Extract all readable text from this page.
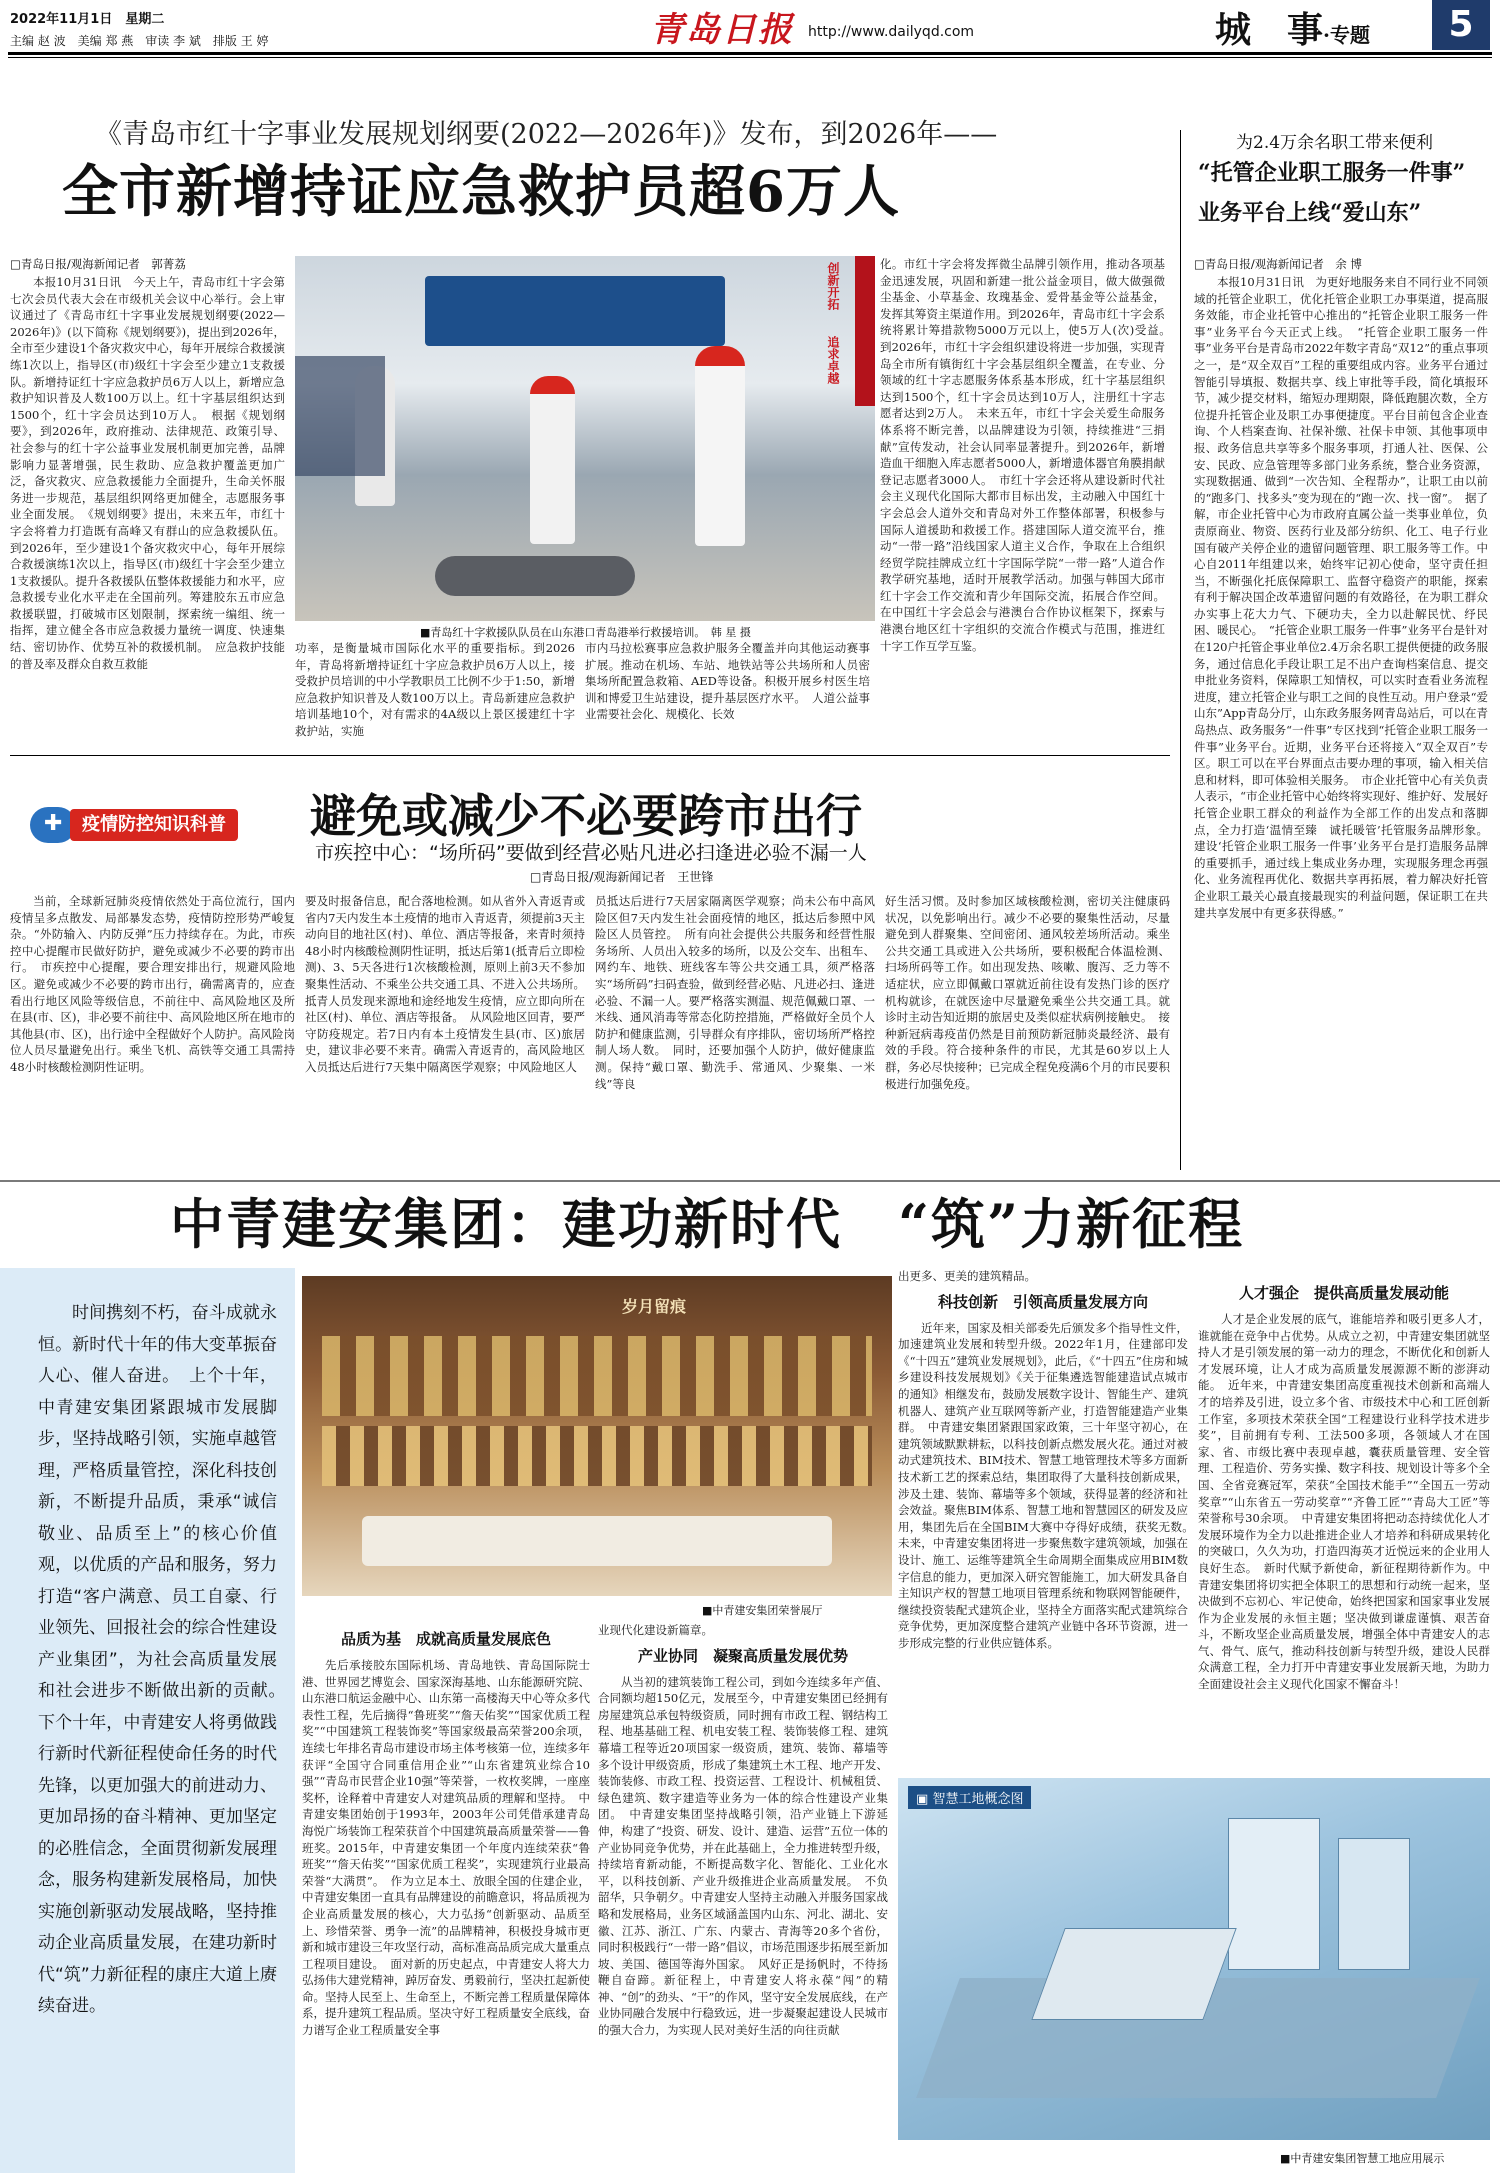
2022年11月1日　星期二
主编 赵 波　美编 郑 燕　审读 李 斌　排版 王 婷	青岛日报 http://www.dailyqd.com	城　事·专题	5
《青岛市红十字事业发展规划纲要(2022—2026年)》发布，到2026年——
全市新增持证应急救护员超6万人

□青岛日报/观海新闻记者　郭菁荔

本报10月31日讯　今天上午，青岛市红十字会第七次会员代表大会在市级机关会议中心举行。会上审议通过了《青岛市红十字事业发展规划纲要(2022—2026年)》(以下简称《规划纲要》)，提出到2026年，全市至少建设1个备灾救灾中心，每年开展综合救援演练1次以上，指导区(市)级红十字会至少建立1支救援队。新增持证红十字应急救护员6万人以上，新增应急救护知识普及人数100万以上。红十字基层组织达到1500个，红十字会员达到10万人。　根据《规划纲要》，到2026年，政府推动、法律规范、政策引导、社会参与的红十字公益事业发展机制更加完善，品牌影响力显著增强，民生救助、应急救护覆盖更加广泛，备灾救灾、应急救援能力全面提升，生命关怀服务进一步规范，基层组织网络更加健全，志愿服务事业全面发展。　《规划纲要》提出，未来五年，市红十字会将着力打造既有高峰又有群山的应急救援队伍。到2026年，至少建设1个备灾救灾中心，每年开展综合救援演练1次以上，指导区(市)级红十字会至少建立1支救援队。提升各救援队伍整体救援能力和水平，应急救援专业化水平走在全国前列。筹建胶东五市应急救援联盟，打破城市区划限制，探索统一编组、统一指挥，建立健全各市应急救援力量统一调度、快速集结、密切协作、优势互补的救援机制。　应急救护技能的普及率及群众自救互救能

创新开拓
追求卓越
■青岛红十字救援队队员在山东港口青岛港举行救援培训。　韩 星 摄

功率，是衡量城市国际化水平的重要指标。到2026年，青岛将新增持证红十字应急救护员6万人以上，接受救护员培训的中小学教职员工比例不少于1:50，新增应急救护知识普及人数100万以上。青岛新建应急救护培训基地10个，对有需求的4A级以上景区援建红十字救护站，实施

市内马拉松赛事应急救护服务全覆盖并向其他运动赛事扩展。推动在机场、车站、地铁站等公共场所和人员密集场所配置急救箱、AED等设备。积极开展乡村医生培训和博爱卫生站建设，提升基层医疗水平。　人道公益事业需要社会化、规模化、长效

化。市红十字会将发挥微尘品牌引领作用，推动各项基金迅速发展，巩固和新建一批公益金项目，做大做强微尘基金、小草基金、玫瑰基金、爱骨基金等公益基金，发挥其筹资主渠道作用。到2026年，青岛市红十字会系统将累计筹措款物5000万元以上，使5万人(次)受益。　到2026年，市红十字会组织建设将进一步加强，实现青岛全市所有镇街红十字会基层组织全覆盖，在专业、分领域的红十字志愿服务体系基本形成，红十字基层组织达到1500个，红十字会员达到10万人，注册红十字志愿者达到2万人。　未来五年，市红十字会关爱生命服务体系将不断完善，以品牌建设为引领，持续推进“三捐献”宣传发动，社会认同率显著提升。到2026年，新增造血干细胞入库志愿者5000人，新增遗体器官角膜捐献登记志愿者3000人。　市红十字会还将从建设新时代社会主义现代化国际大都市目标出发，主动融入中国红十字会总会人道外交和青岛对外工作整体部署，积极参与国际人道援助和救援工作。搭建国际人道交流平台，推动“一带一路”沿线国家人道主义合作，争取在上合组织经贸学院挂牌成立红十字国际学院“一带一路”人道合作教学研究基地，适时开展教学活动。加强与韩国大邱市红十字会工作交流和青少年国际交流，拓展合作空间。在中国红十字会总会与港澳台合作协议框架下，探索与港澳台地区红十字组织的交流合作模式与范围，推进红十字工作互学互鉴。

为2.4万余名职工带来便利
“托管企业职工服务一件事”
业务平台上线“爱山东”

□青岛日报/观海新闻记者　余 博

本报10月31日讯　为更好地服务来自不同行业不同领域的托管企业职工，优化托管企业职工办事渠道，提高服务效能，市企业托管中心推出的“托管企业职工服务一件事”业务平台今天正式上线。　“托管企业职工服务一件事”业务平台是青岛市2022年数字青岛“双12”的重点事项之一，是“双全双百”工程的重要组成内容。业务平台通过智能引导填报、数据共享、线上审批等手段，简化填报环节，减少提交材料，缩短办理期限，降低跑腿次数，全方位提升托管企业及职工办事便捷度。平台目前包含企业查询、个人档案查询、社保补缴、社保卡申领、其他事项申报、政务信息共享等多个服务事项，打通人社、医保、公安、民政、应急管理等多部门业务系统，整合业务资源，实现数据通、做到“一次告知、全程帮办”，让职工由以前的“跑多门、找多头”变为现在的“跑一次、找一窗”。　据了解，市企业托管中心为市政府直属公益一类事业单位，负责原商业、物资、医药行业及部分纺织、化工、电子行业国有破产关停企业的遗留问题管理、职工服务等工作。中心自2011年组建以来，始终牢记初心使命，坚守责任担当，不断强化托底保障职工、监督守稳资产的职能，探索有利于解决国企改革遗留问题的有效路径，在为职工群众办实事上花大力气、下硬功夫，全力以赴解民忧、纾民困、暖民心。　“托管企业职工服务一件事”业务平台是针对在120户托管企事业单位2.4万余名职工提供便捷的政务服务，通过信息化手段让职工足不出户查询档案信息、提交申批业务资料，保障职工知情权，可以实时查看业务流程进度，建立托管企业与职工之间的良性互动。用户登录“爱山东”App青岛分厅，山东政务服务网青岛站后，可以在青岛热点、政务服务“一件事”专区找到“托管企业职工服务一件事”业务平台。近期，业务平台还将接入“双全双百”专区。职工可以在平台界面点击要办理的事项，输入相关信息和材料，即可体验相关服务。　市企业托管中心有关负责人表示，“市企业托管中心始终将实现好、维护好、发展好托管企业职工群众的利益作为全部工作的出发点和落脚点，全力打造‘温情至臻　诚托暖管’托管服务品牌形象。建设‘托管企业职工服务一件事’业务平台是打造服务品牌的重要抓手，通过线上集成业务办理，实现服务理念再强化、业务流程再优化、数据共享再拓展，着力解决好托管企业职工最关心最直接最现实的利益问题，保证职工在共建共享发展中有更多获得感。”

✚	疫情防控知识科普 避免或减少不必要跨市出行
市疾控中心：“场所码”要做到经营必贴凡进必扫逢进必验不漏一人
□青岛日报/观海新闻记者　王世锋

当前，全球新冠肺炎疫情依然处于高位流行，国内疫情呈多点散发、局部暴发态势，疫情防控形势严峻复杂。“外防输入、内防反弹”压力持续存在。为此，市疾控中心提醒市民做好防护，避免或减少不必要的跨市出行。　市疾控中心提醒，要合理安排出行，规避风险地区。避免或减少不必要的跨市出行，确需离青的，应查看出行地区风险等级信息，不前往中、高风险地区及所在县(市、区)，非必要不前往中、高风险地区所在地市的其他县(市、区)，出行途中全程做好个人防护。高风险岗位人员尽量避免出行。乘坐飞机、高铁等交通工具需持48小时核酸检测阴性证明。

要及时报备信息，配合落地检测。如从省外入青返青或省内7天内发生本土疫情的地市入青返青，须提前3天主动向目的地社区(村)、单位、酒店等报备，来青时须持48小时内核酸检测阴性证明，抵达后第1(抵青后立即检测)、3、5天各进行1次核酸检测，原则上前3天不参加聚集性活动、不乘坐公共交通工具、不进入公共场所。抵青人员发现来源地和途经地发生疫情，应立即向所在社区(村)、单位、酒店等报备。　从风险地区回青，要严守防疫规定。若7日内有本土疫情发生县(市、区)旅居史，建议非必要不来青。确需入青返青的，高风险地区入员抵达后进行7天集中隔离医学观察；中风险地区人

员抵达后进行7天居家隔离医学观察；尚未公布中高风险区但7天内发生社会面疫情的地区，抵达后参照中风险区人员管控。　所有向社会提供公共服务和经营性服务场所、人员出入较多的场所，以及公交车、出租车、网约车、地铁、班线客车等公共交通工具，须严格落实“场所码”扫码查验，做到经营必贴、凡进必扫、逢进必验、不漏一人。要严格落实测温、规范佩戴口罩、一米线、通风消毒等常态化防控措施，严格做好全员个人防护和健康监测，引导群众有序排队，密切场所严格控制人场人数。　同时，还要加强个人防护，做好健康监测。保持“戴口罩、勤洗手、常通风、少聚集、一米线”等良

好生活习惯。及时参加区域核酸检测，密切关注健康码状况，以免影响出行。减少不必要的聚集性活动，尽量避免到人群聚集、空间密闭、通风较差场所活动。乘坐公共交通工具或进入公共场所，要积极配合体温检测、扫场所码等工作。如出现发热、咳嗽、腹泻、乏力等不适症状，应立即佩戴口罩就近前往设有发热门诊的医疗机构就诊，在就医途中尽量避免乘坐公共交通工具。就诊时主动告知近期的旅居史及类似症状病例接触史。　接种新冠病毒疫苗仍然是目前预防新冠肺炎最经济、最有效的手段。符合接种条件的市民，尤其是60岁以上人群，务必尽快接种；已完成全程免疫满6个月的市民要积极进行加强免疫。

中青建安集团：建功新时代　“筑”力新征程

时间携刻不朽，奋斗成就永恒。新时代十年的伟大变革振奋人心、催人奋进。　上个十年，中青建安集团紧跟城市发展脚步，坚持战略引领，实施卓越管理，严格质量管控，深化科技创新，不断提升品质，秉承“诚信敬业、品质至上”的核心价值观，以优质的产品和服务，努力打造“客户满意、员工自豪、行业领先、回报社会的综合性建设产业集团”，为社会高质量发展和社会进步不断做出新的贡献。　下个十年，中青建安人将勇做践行新时代新征程使命任务的时代先锋，以更加强大的前进动力、更加昂扬的奋斗精神、更加坚定的必胜信念，全面贯彻新发展理念，服务构建新发展格局，加快实施创新驱动发展战略，坚持推动企业高质量发展，在建功新时代“筑”力新征程的康庄大道上赓续奋进。

岁月留痕
■中青建安集团荣誉展厅
品质为基　成就高质量发展底色

先后承接胶东国际机场、青岛地铁、青岛国际院士港、世界园艺博览会、国家深海基地、山东能源研究院、山东港口航运金融中心、山东第一高楼海天中心等众多代表性工程，先后摘得“鲁班奖”“詹天佑奖”“国家优质工程奖”“中国建筑工程装饰奖”等国家级最高荣誉200余项，连续七年排名青岛市建设市场主体考核第一位，连续多年获评“全国守合同重信用企业”“山东省建筑业综合10强”“青岛市民营企业10强”等荣誉，一枚枚奖牌，一座座奖杯，诠释着中青建安人对建筑品质的理解和坚持。　中青建安集团始创于1993年，2003年公司凭借承建青岛海悦广场装饰工程荣获首个中国建筑最高质量荣誉——鲁班奖。2015年，中青建安集团一个年度内连续荣获“鲁班奖”“詹天佑奖”“国家优质工程奖”，实现建筑行业最高荣誉“大满贯”。　作为立足本土、放眼全国的住建企业，中青建安集团一直具有品牌建设的前瞻意识，将品质视为企业高质量发展的核心，大力弘扬“创新驱动、品质至上、珍惜荣誉、勇争一流”的品牌精神，积极投身城市更新和城市建设三年攻坚行动，高标准高品质完成大量重点工程项目建设。　面对新的历史起点，中青建安人将大力弘扬伟大建党精神，踔厉奋发、勇毅前行，坚决扛起新使命。坚持人民至上、生命至上，不断完善工程质量保障体系，提升建筑工程品质。坚决守好工程质量安全底线，奋力谱写企业工程质量安全事

业现代化建设新篇章。

产业协同　凝聚高质量发展优势

从当初的建筑装饰工程公司，到如今连续多年产值、合同额均超150亿元，发展至今，中青建安集团已经拥有房屋建筑总承包特级资质，同时拥有市政工程、钢结构工程、地基基础工程、机电安装工程、装饰装修工程、建筑幕墙工程等近20项国家一级资质，建筑、装饰、幕墙等多个设计甲级资质，形成了集建筑土木工程、地产开发、装饰装修、市政工程、投资运营、工程设计、机械租赁、绿色建筑、数字建造等业务为一体的综合性建设产业集团。　中青建安集团坚持战略引领，沿产业链上下游延伸，构建了“投资、研发、设计、建造、运营”五位一体的产业协同竞争优势，并在此基础上，全力推进转型升级，持续培育新动能，不断提高数字化、智能化、工业化水平，以科技创新、产业升级推进企业高质量发展。　不负韶华，只争朝夕。中青建安人坚持主动融入并服务国家战略和发展格局，业务区域涵盖国内山东、河北、湖北、安徽、江苏、浙江、广东、内蒙古、青海等20多个省份，同时积极践行“一带一路”倡议，市场范围逐步拓展至新加坡、美国、德国等海外国家。　风好正是扬帆时，不待扬鞭自奋蹄。新征程上，中青建安人将永葆“闯”的精神、“创”的劲头、“干”的作风，坚守安全发展底线，在产业协同融合发展中行稳致远，进一步凝聚起建设人民城市的强大合力，为实现人民对美好生活的向往贡献

出更多、更美的建筑精品。

科技创新　引领高质量发展方向

近年来，国家及相关部委先后颁发多个指导性文件，加速建筑业发展和转型升级。2022年1月，住建部印发《“十四五”建筑业发展规划》，此后，《“十四五”住房和城乡建设科技发展规划》《关于征集遴选智能建造试点城市的通知》相继发布，鼓励发展数字设计、智能生产、建筑机器人、建筑产业互联网等新产业，打造智能建造产业集群。　中青建安集团紧跟国家政策，三十年坚守初心，在建筑领域默默耕耘，以科技创新点燃发展火花。通过对被动式建筑技术、BIM技术、智慧工地管理技术等多方面新技术新工艺的探索总结，集团取得了大量科技创新成果，涉及土建、装饰、幕墙等多个领域，获得显著的经济和社会效益。聚焦BIM体系、智慧工地和智慧园区的研发及应用，集团先后在全国BIM大赛中夺得好成绩，获奖无数。　未来，中青建安集团将进一步聚焦数字建筑领域，加强在设计、施工、运维等建筑全生命周期全面集成应用BIM数字信息的能力，更加深入研究智能施工，加大研发具备自主知识产权的智慧工地项目管理系统和物联网智能硬件，继续投资装配式建筑企业，坚持全方面落实配式建筑综合竞争优势，更加深度整合建筑产业链中各环节资源，进一步形成完整的行业供应链体系。

人才强企　提供高质量发展动能

人才是企业发展的底气，谁能培养和吸引更多人才，谁就能在竞争中占优势。从成立之初，中青建安集团就坚持人才是引领发展的第一动力的理念，不断优化和创新人才发展环境，让人才成为高质量发展源源不断的澎湃动能。　近年来，中青建安集团高度重视技术创新和高端人才的培养及引进，设立多个省、市级技术中心和工匠创新工作室，多项技术荣获全国“工程建设行业科学技术进步奖”，目前拥有专利、工法500多项，各领域人才在国家、省、市级比赛中表现卓越，囊获质量管理、安全管理、工程造价、劳务实操、数字科技、规划设计等多个全国、全省竞赛冠军，荣获“全国技术能手”“全国五一劳动奖章”“山东省五一劳动奖章”“齐鲁工匠”“青岛大工匠”等荣誉称号30余项。　中青建安集团将把动态持续优化人才发展环境作为全力以赴推进企业人才培养和科研成果转化的突破口，久久为功，打造四海英才近悦远来的企业用人良好生态。　新时代赋予新使命，新征程期待新作为。中青建安集团将切实把全体职工的思想和行动统一起来，坚决做到不忘初心、牢记使命，始终把国家和国家事业发展作为企业发展的永恒主题；坚决做到谦虚谨慎、艰苦奋斗，不断攻坚企业高质量发展，增强全体中青建安人的志气、骨气、底气，推动科技创新与转型升级，建设人民群众满意工程，全力打开中青建安事业发展新天地，为助力全面建设社会主义现代化国家不懈奋斗！

▣ 智慧工地概念图
■中青建安集团智慧工地应用展示
